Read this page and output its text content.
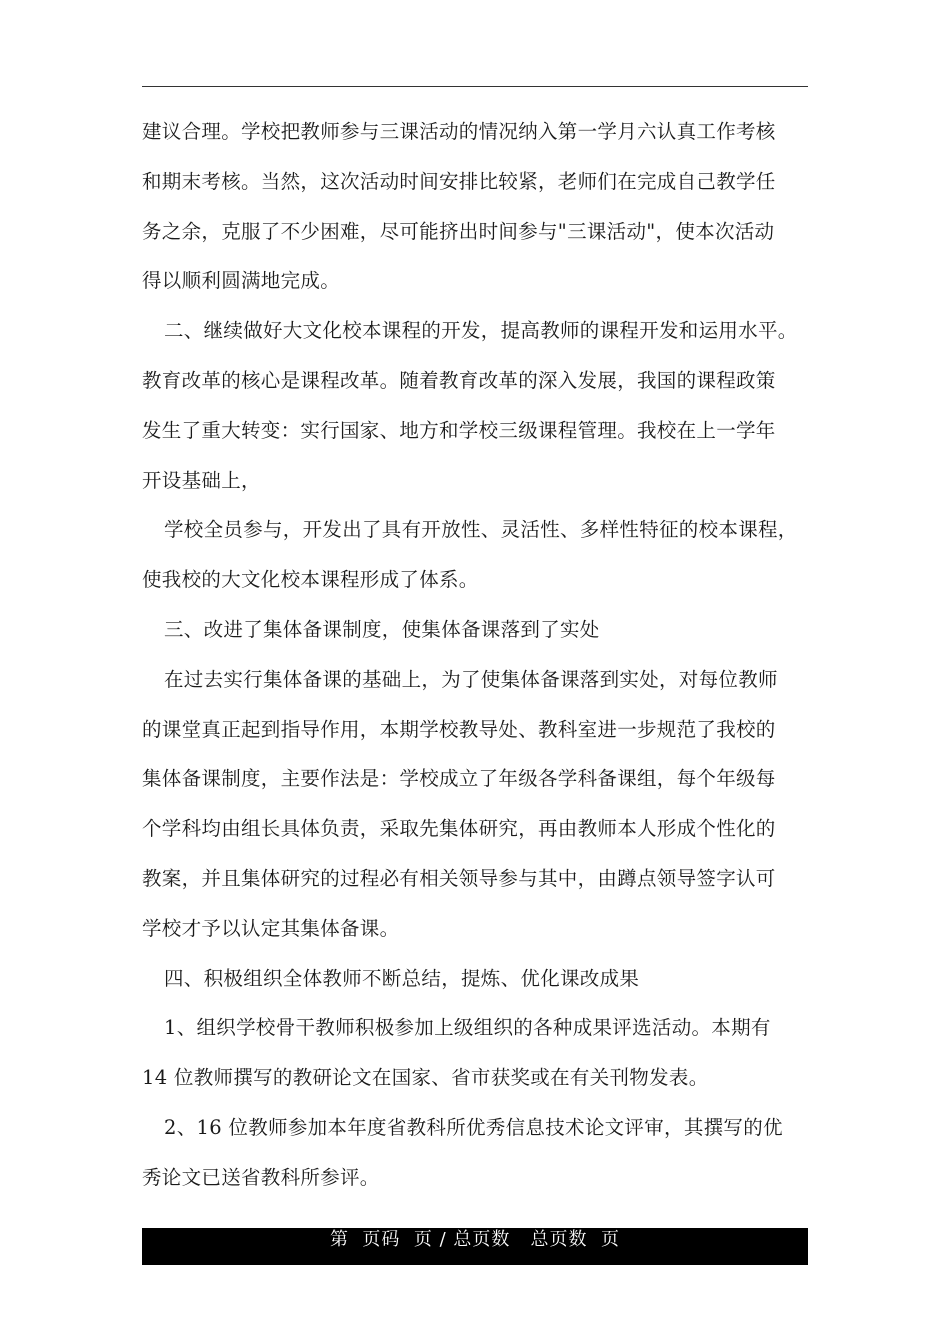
建议合理。学校把教师参与三课活动的情况纳入第一学月六认真工作考核
和期末考核。当然，这次活动时间安排比较紧，老师们在完成自己教学任
务之余，克服了不少困难，尽可能挤出时间参与"三课活动"，使本次活动
得以顺利圆满地完成。
二、继续做好大文化校本课程的开发，提高教师的课程开发和运用水平。
教育改革的核心是课程改革。随着教育改革的深入发展，我国的课程政策
发生了重大转变：实行国家、地方和学校三级课程管理。我校在上一学年
开设基础上，
学校全员参与，开发出了具有开放性、灵活性、多样性特征的校本课程，
使我校的大文化校本课程形成了体系。
三、改进了集体备课制度，使集体备课落到了实处
在过去实行集体备课的基础上，为了使集体备课落到实处，对每位教师
的课堂真正起到指导作用，本期学校教导处、教科室进一步规范了我校的
集体备课制度，主要作法是：学校成立了年级各学科备课组，每个年级每
个学科均由组长具体负责，采取先集体研究，再由教师本人形成个性化的
教案，并且集体研究的过程必有相关领导参与其中，由蹲点领导签字认可
学校才予以认定其集体备课。
四、积极组织全体教师不断总结，提炼、优化课改成果
1、组织学校骨干教师积极参加上级组织的各种成果评选活动。本期有
14 位教师撰写的教研论文在国家、省市获奖或在有关刊物发表。
2、16 位教师参加本年度省教科所优秀信息技术论文评审，其撰写的优
秀论文已送省教科所参评。
第  页码  页 / 总页数   总页数  页
